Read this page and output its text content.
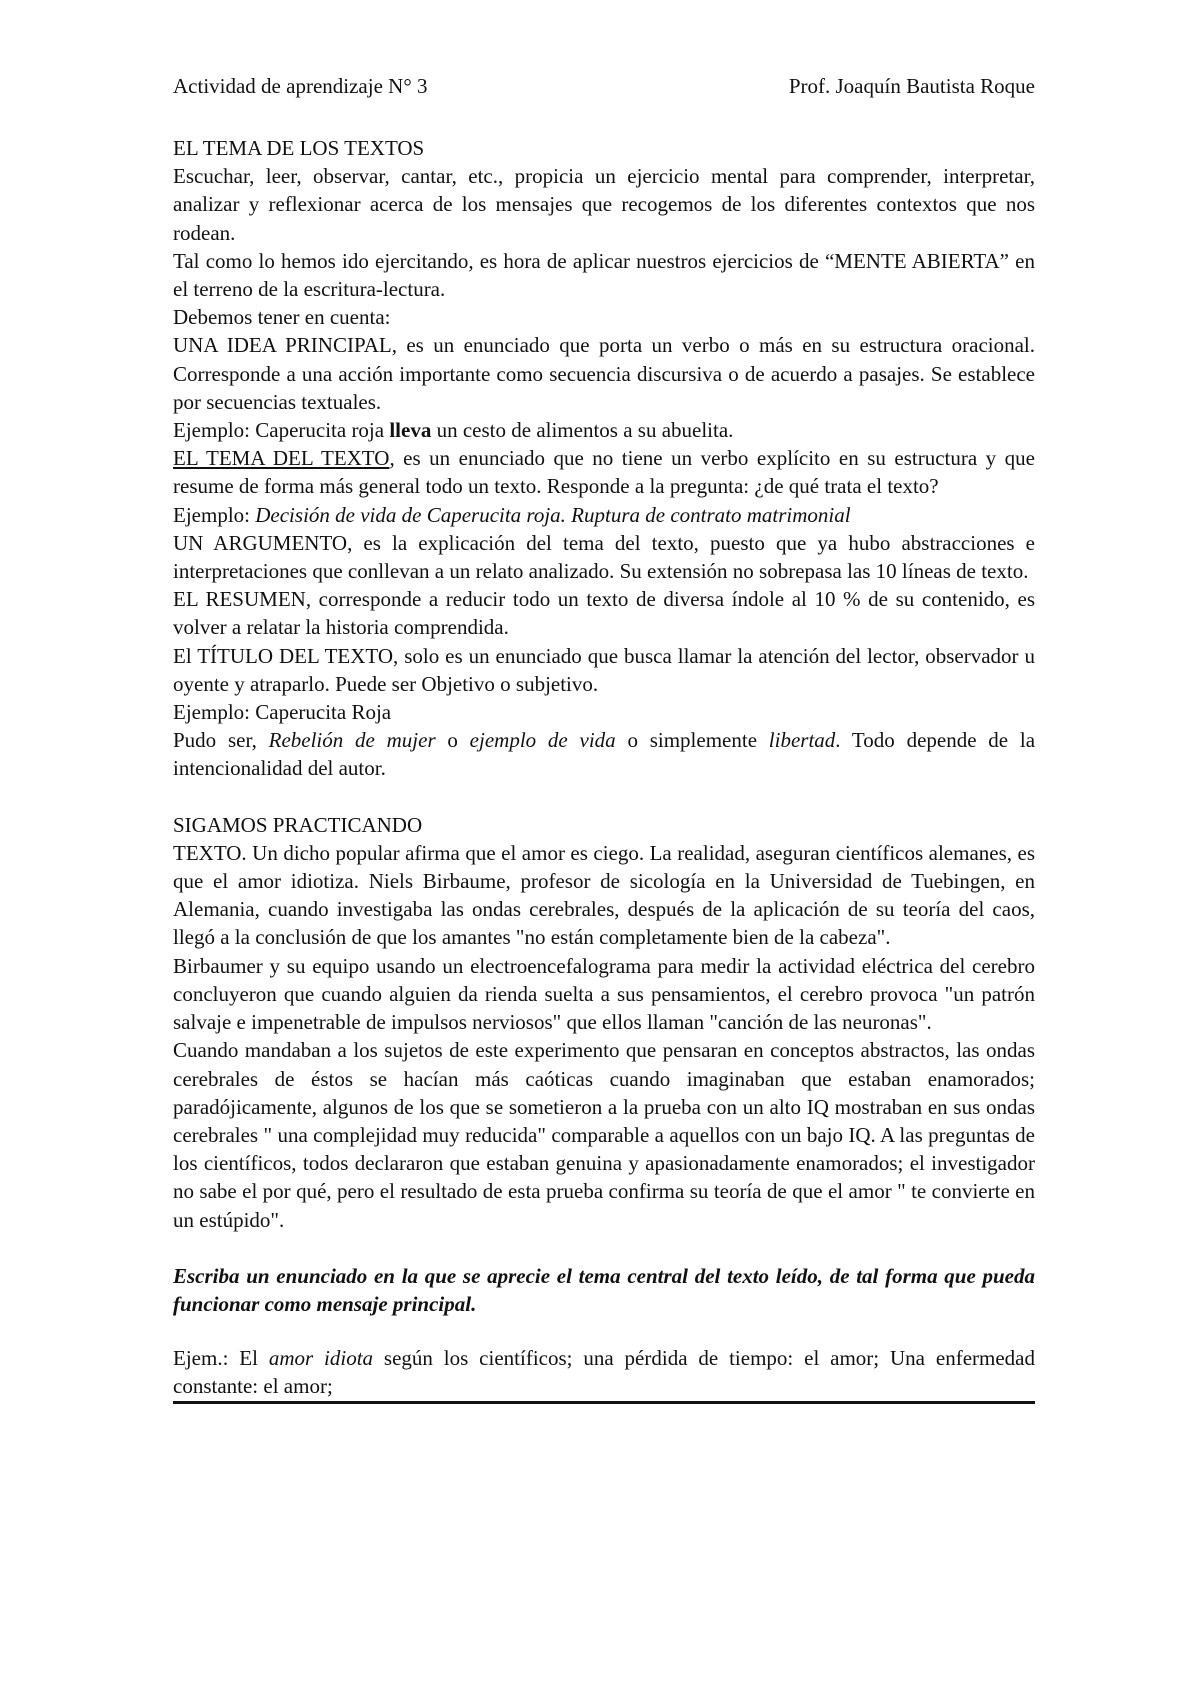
Actividad de aprendizaje N° 3	Prof. Joaquín Bautista Roque

EL TEMA DE LOS TEXTOS

Escuchar, leer, observar, cantar, etc., propicia un ejercicio mental para comprender, interpretar, analizar y reflexionar acerca de los mensajes que recogemos de los diferentes contextos que nos rodean.

Tal como lo hemos ido ejercitando, es hora de aplicar nuestros ejercicios de “MENTE ABIERTA” en el terreno de la escritura-lectura.

Debemos tener en cuenta:

UNA IDEA PRINCIPAL, es un enunciado que porta un verbo o más en su estructura oracional. Corresponde a una acción importante como secuencia discursiva o de acuerdo a pasajes. Se establece por secuencias textuales.

Ejemplo: Caperucita roja lleva un cesto de alimentos a su abuelita.

EL TEMA DEL TEXTO, es un enunciado que no tiene un verbo explícito en su estructura y que resume de forma más general todo un texto. Responde a la pregunta: ¿de qué trata el texto?

Ejemplo: Decisión de vida de Caperucita roja. Ruptura de contrato matrimonial

UN ARGUMENTO, es la explicación del tema del texto, puesto que ya hubo abstracciones e interpretaciones que conllevan a un relato analizado. Su extensión no sobrepasa las 10 líneas de texto.

EL RESUMEN, corresponde a reducir todo un texto de diversa índole al 10 % de su contenido, es volver a relatar la historia comprendida.

El TÍTULO DEL TEXTO, solo es un enunciado que busca llamar la atención del lector, observador u oyente y atraparlo. Puede ser Objetivo o subjetivo.

Ejemplo: Caperucita Roja

Pudo ser, Rebelión de mujer o ejemplo de vida o simplemente libertad. Todo depende de la intencionalidad del autor.

SIGAMOS PRACTICANDO

TEXTO. Un dicho popular afirma que el amor es ciego. La realidad, aseguran científicos alemanes, es que el amor idiotiza. Niels Birbaume, profesor de sicología en la Universidad de Tuebingen, en Alemania, cuando investigaba las ondas cerebrales, después de la aplicación de su teoría del caos, llegó a la conclusión de que los amantes "no están completamente bien de la cabeza".

Birbaumer y su equipo usando un electroencefalograma para medir la actividad eléctrica del cerebro concluyeron que cuando alguien da rienda suelta a sus pensamientos, el cerebro provoca "un patrón salvaje e impenetrable de impulsos nerviosos" que ellos llaman "canción de las neuronas".

Cuando mandaban a los sujetos de este experimento que pensaran en conceptos abstractos, las ondas cerebrales de éstos se hacían más caóticas cuando imaginaban que estaban enamorados; paradójicamente, algunos de los que se sometieron a la prueba con un alto IQ mostraban en sus ondas cerebrales " una complejidad muy reducida" comparable a aquellos con un bajo IQ. A las preguntas de los científicos, todos declararon que estaban genuina y apasionadamente enamorados; el investigador no sabe el por qué, pero el resultado de esta prueba confirma su teoría de que el amor " te convierte en un estúpido".

Escriba un enunciado en la que se aprecie el tema central del texto leído, de tal forma que pueda funcionar como mensaje principal.

Ejem.: El amor idiota según los científicos; una pérdida de tiempo: el amor; Una enfermedad constante: el amor;
